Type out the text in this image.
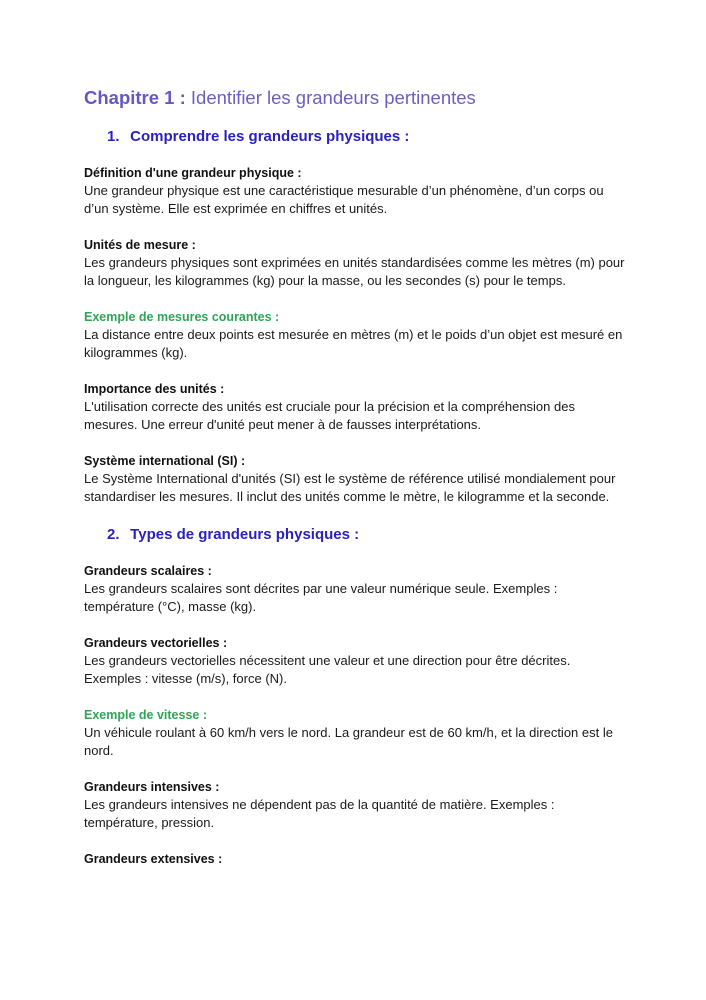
Chapitre 1 : Identifier les grandeurs pertinentes
1. Comprendre les grandeurs physiques :
Définition d'une grandeur physique :

Une grandeur physique est une caractéristique mesurable d’un phénomène, d’un corps ou d’un système. Elle est exprimée en chiffres et unités.

Unités de mesure :

Les grandeurs physiques sont exprimées en unités standardisées comme les mètres (m) pour la longueur, les kilogrammes (kg) pour la masse, ou les secondes (s) pour le temps.

Exemple de mesures courantes :

La distance entre deux points est mesurée en mètres (m) et le poids d’un objet est mesuré en kilogrammes (kg).

Importance des unités :

L'utilisation correcte des unités est cruciale pour la précision et la compréhension des mesures. Une erreur d'unité peut mener à de fausses interprétations.

Système international (SI) :

Le Système International d'unités (SI) est le système de référence utilisé mondialement pour standardiser les mesures. Il inclut des unités comme le mètre, le kilogramme et la seconde.

2. Types de grandeurs physiques :
Grandeurs scalaires :

Les grandeurs scalaires sont décrites par une valeur numérique seule. Exemples : température (°C), masse (kg).

Grandeurs vectorielles :

Les grandeurs vectorielles nécessitent une valeur et une direction pour être décrites. Exemples : vitesse (m/s), force (N).

Exemple de vitesse :

Un véhicule roulant à 60 km/h vers le nord. La grandeur est de 60 km/h, et la direction est le nord.

Grandeurs intensives :

Les grandeurs intensives ne dépendent pas de la quantité de matière. Exemples : température, pression.

Grandeurs extensives :
